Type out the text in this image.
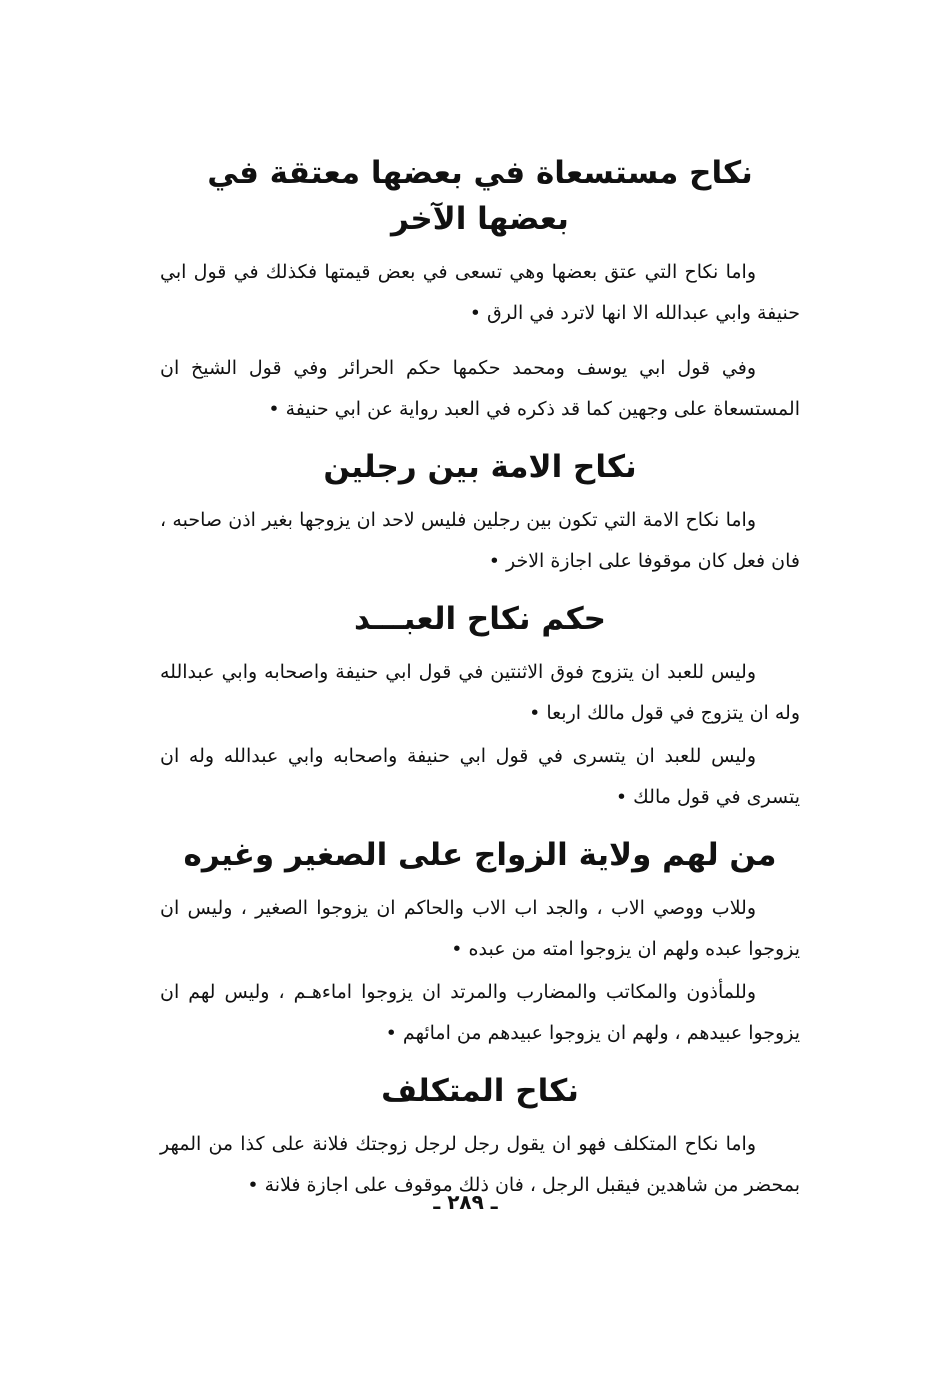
نكاح مستسعاة في بعضها معتقة في بعضها الآخر

واما نكاح التي عتق بعضها وهي تسعى في بعض قيمتها فكذلك في قول ابي حنيفة وابي عبدالله الا انها لاترد في الرق •

وفي قول ابي يوسف ومحمد حكمها حكم الحرائر وفي قول الشيخ ان المستسعاة على وجهين كما قد ذكره في العبد رواية عن ابي حنيفة •

نكاح الامة بين رجلين

واما نكاح الامة التي تكون بين رجلين فليس لاحد ان يزوجها بغير اذن صاحبه ، فان فعل كان موقوفا على اجازة الاخر •

حكم نكاح العبـــد

وليس للعبد ان يتزوج فوق الاثنتين في قول ابي حنيفة واصحابه وابي عبدالله وله ان يتزوج في قول مالك اربعا •

وليس للعبد ان يتسرى في قول ابي حنيفة واصحابه وابي عبدالله وله ان يتسرى في قول مالك •

من لهم ولاية الزواج على الصغير وغيره

وللاب ووصي الاب ، والجد اب الاب والحاكم ان يزوجوا الصغير ، وليس ان يزوجوا عبده ولهم ان يزوجوا امته من عبده •

وللمأذون والمكاتب والمضارب والمرتد ان يزوجوا اماءهـم ، وليس لهم ان يزوجوا عبيدهم ، ولهم ان يزوجوا عبيدهم من امائهم •

نكاح المتكلف

واما نكاح المتكلف فهو ان يقول رجل لرجل زوجتك فلانة على كذا من المهر بمحضر من شاهدين فيقبل الرجل ، فان ذلك موقوف على اجازة فلانة •

ـ ٢٨٩ ـ
